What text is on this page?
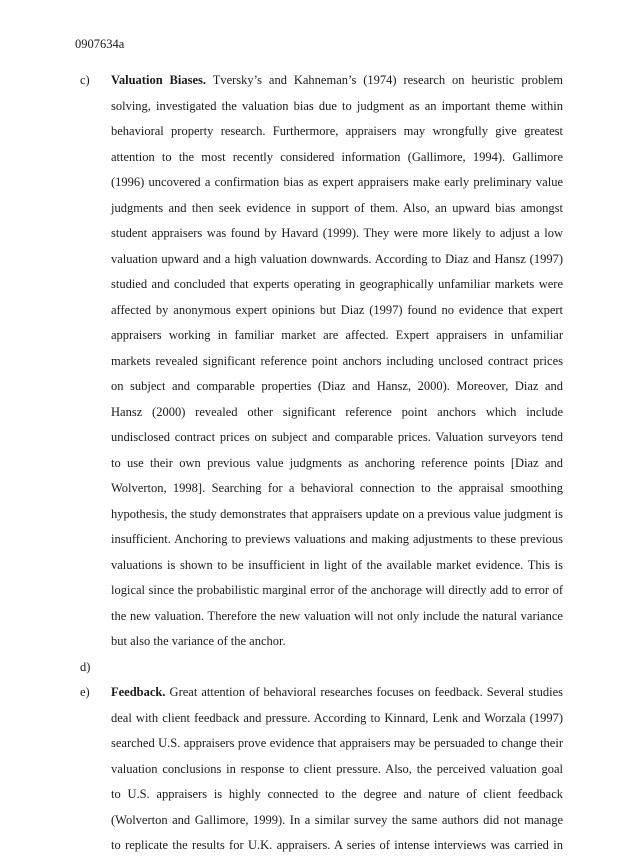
0907634a
c) Valuation Biases. Tversky’s and Kahneman’s (1974) research on heuristic problem
solving, investigated the valuation bias due to judgment as an important theme within
behavioral property research. Furthermore, appraisers may wrongfully give greatest
attention to the most recently considered information (Gallimore, 1994). Gallimore
(1996) uncovered a confirmation bias as expert appraisers make early preliminary value
judgments and then seek evidence in support of them. Also, an upward bias amongst
student appraisers was found by Havard (1999). They were more likely to adjust a low
valuation upward and a high valuation downwards. According to Diaz and Hansz (1997)
studied and concluded that experts operating in geographically unfamiliar markets were
affected by anonymous expert opinions but Diaz (1997) found no evidence that expert
appraisers working in familiar market are affected. Expert appraisers in unfamiliar
markets revealed significant reference point anchors including unclosed contract prices
on subject and comparable properties (Diaz and Hansz, 2000). Moreover, Diaz and
Hansz (2000) revealed other significant reference point anchors which include
undisclosed contract prices on subject and comparable prices. Valuation surveyors tend
to use their own previous value judgments as anchoring reference points [Diaz and
Wolverton, 1998]. Searching for a behavioral connection to the appraisal smoothing
hypothesis, the study demonstrates that appraisers update on a previous value judgment is
insufficient. Anchoring to previews valuations and making adjustments to these previous
valuations is shown to be insufficient in light of the available market evidence. This is
logical since the probabilistic marginal error of the anchorage will directly add to error of
the new valuation. Therefore the new valuation will not only include the natural variance
but also the variance of the anchor.
d)
e) Feedback. Great attention of behavioral researches focuses on feedback. Several studies
deal with client feedback and pressure. According to Kinnard, Lenk and Worzala (1997)
searched U.S. appraisers prove evidence that appraisers may be persuaded to change their
valuation conclusions in response to client pressure. Also, the perceived valuation goal
to U.S. appraisers is highly connected to the degree and nature of client feedback
(Wolverton and Gallimore, 1999). In a similar survey the same authors did not manage
to replicate the results for U.K. appraisers. A series of intense interviews was carried in
